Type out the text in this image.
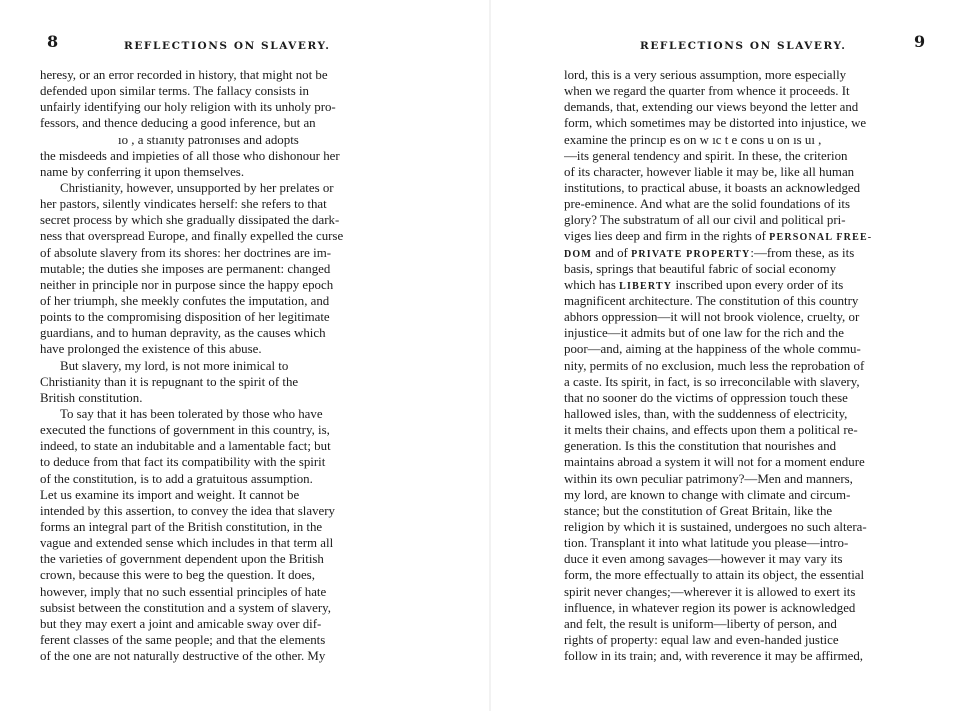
8	REFLECTIONS ON SLAVERY.
heresy, or an error recorded in history, that might not be
defended upon similar terms. The fallacy consists in
unfairly identifying our holy religion with its unholy pro-
fessors, and thence deducing a good inference, but an
ıo , a stıanıty patronıses and adopts
the misdeeds and impieties of all those who dishonour her
name by conferring it upon themselves.
Christianity, however, unsupported by her prelates or
her pastors, silently vindicates herself: she refers to that
secret process by which she gradually dissipated the dark-
ness that overspread Europe, and finally expelled the curse
of absolute slavery from its shores: her doctrines are im-
mutable; the duties she imposes are permanent: changed
neither in principle nor in purpose since the happy epoch
of her triumph, she meekly confutes the imputation, and
points to the compromising disposition of her legitimate
guardians, and to human depravity, as the causes which
have prolonged the existence of this abuse.
But slavery, my lord, is not more inimical to
Christianity than it is repugnant to the spirit of the
British constitution.
To say that it has been tolerated by those who have
executed the functions of government in this country, is,
indeed, to state an indubitable and a lamentable fact; but
to deduce from that fact its compatibility with the spirit
of the constitution, is to add a gratuitous assumption.
Let us examine its import and weight. It cannot be
intended by this assertion, to convey the idea that slavery
forms an integral part of the British constitution, in the
vague and extended sense which includes in that term all
the varieties of government dependent upon the British
crown, because this were to beg the question. It does,
however, imply that no such essential principles of hate
subsist between the constitution and a system of slavery,
but they may exert a joint and amicable sway over dif-
ferent classes of the same people; and that the elements
of the one are not naturally destructive of the other. My
REFLECTIONS ON SLAVERY.	9
lord, this is a very serious assumption, more especially
when we regard the quarter from whence it proceeds. It
demands, that, extending our views beyond the letter and
form, which sometimes may be distorted into injustice, we
examine the princıp es on w ıc t e cons u on ıs uı ,
—its general tendency and spirit. In these, the criterion
of its character, however liable it may be, like all human
institutions, to practical abuse, it boasts an acknowledged
pre-eminence. And what are the solid foundations of its
glory? The substratum of all our civil and political pri-
viges lies deep and firm in the rights of PERSONAL FREE-
DOM and of PRIVATE PROPERTY:—from these, as its
basis, springs that beautiful fabric of social economy
which has LIBERTY inscribed upon every order of its
magnificent architecture. The constitution of this country
abhors oppression—it will not brook violence, cruelty, or
injustice—it admits but of one law for the rich and the
poor—and, aiming at the happiness of the whole commu-
nity, permits of no exclusion, much less the reprobation of
a caste. Its spirit, in fact, is so irreconcilable with slavery,
that no sooner do the victims of oppression touch these
hallowed isles, than, with the suddenness of electricity,
it melts their chains, and effects upon them a political re-
generation. Is this the constitution that nourishes and
maintains abroad a system it will not for a moment endure
within its own peculiar patrimony?—Men and manners,
my lord, are known to change with climate and circum-
stance; but the constitution of Great Britain, like the
religion by which it is sustained, undergoes no such altera-
tion. Transplant it into what latitude you please—intro-
duce it even among savages—however it may vary its
form, the more effectually to attain its object, the essential
spirit never changes;—wherever it is allowed to exert its
influence, in whatever region its power is acknowledged
and felt, the result is uniform—liberty of person, and
rights of property: equal law and even-handed justice
follow in its train; and, with reverence it may be affirmed,
